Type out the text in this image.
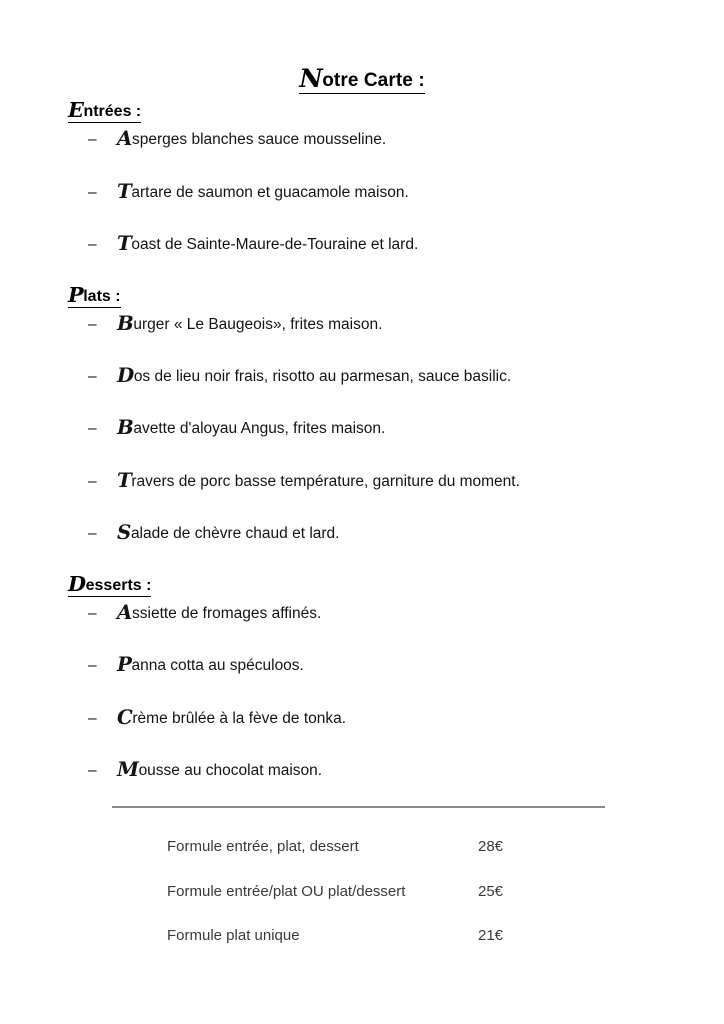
Notre Carte :
Entrées :
– Asperges blanches sauce mousseline.
– Tartare de saumon et guacamole maison.
– Toast de Sainte-Maure-de-Touraine et lard.
Plats :
– Burger « Le Baugeois», frites maison.
– Dos de lieu noir frais, risotto au parmesan, sauce basilic.
– Bavette d'aloyau Angus, frites maison.
– Travers de porc basse température, garniture du moment.
– Salade de chèvre chaud et lard.
Desserts :
– Assiette de fromages affinés.
– Panna cotta au spéculoos.
– Crème brûlée à la fève de tonka.
– Mousse au chocolat maison.
Formule entrée, plat, dessert	28€
Formule entrée/plat OU plat/dessert	25€
Formule plat unique	21€
